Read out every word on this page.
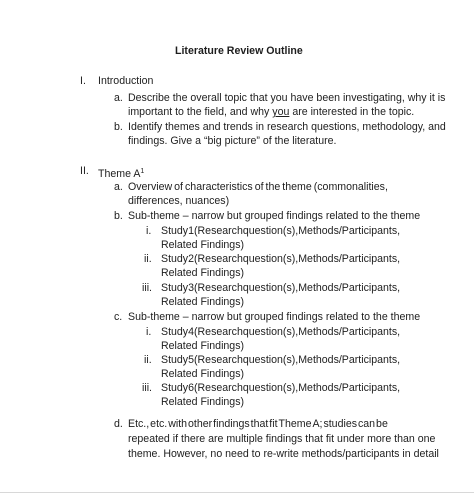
Literature Review Outline
I. Introduction
a. Describe the overall topic that you have been investigating, why it is
important to the field, and why you are interested in the topic.
b. Identify themes and trends in research questions, methodology, and
findings. Give a “big picture” of the literature.
II. Theme $A^1$
a. Overview of characteristics of the theme (commonalities,
differences, nuances)
b. Sub-theme – narrow but grouped findings related to the theme
i. Study 1 (Research question(s), Methods/Participants,
Related Findings)
ii. Study 2 (Research question(s), Methods/Participants,
Related Findings)
iii. Study 3 (Research question(s), Methods/Participants,
Related Findings)
c. Sub-theme – narrow but grouped findings related to the theme
i. Study 4 (Research question(s), Methods/Participants,
Related Findings)
ii. Study 5 (Research question(s), Methods/Participants,
Related Findings)
iii. Study 6 (Research question(s), Methods/Participants,
Related Findings)
d. Etc., etc. with other findings that fit Theme A; studies can be
repeated if there are multiple findings that fit under more than one
theme. However, no need to re-write methods/participants in detail
